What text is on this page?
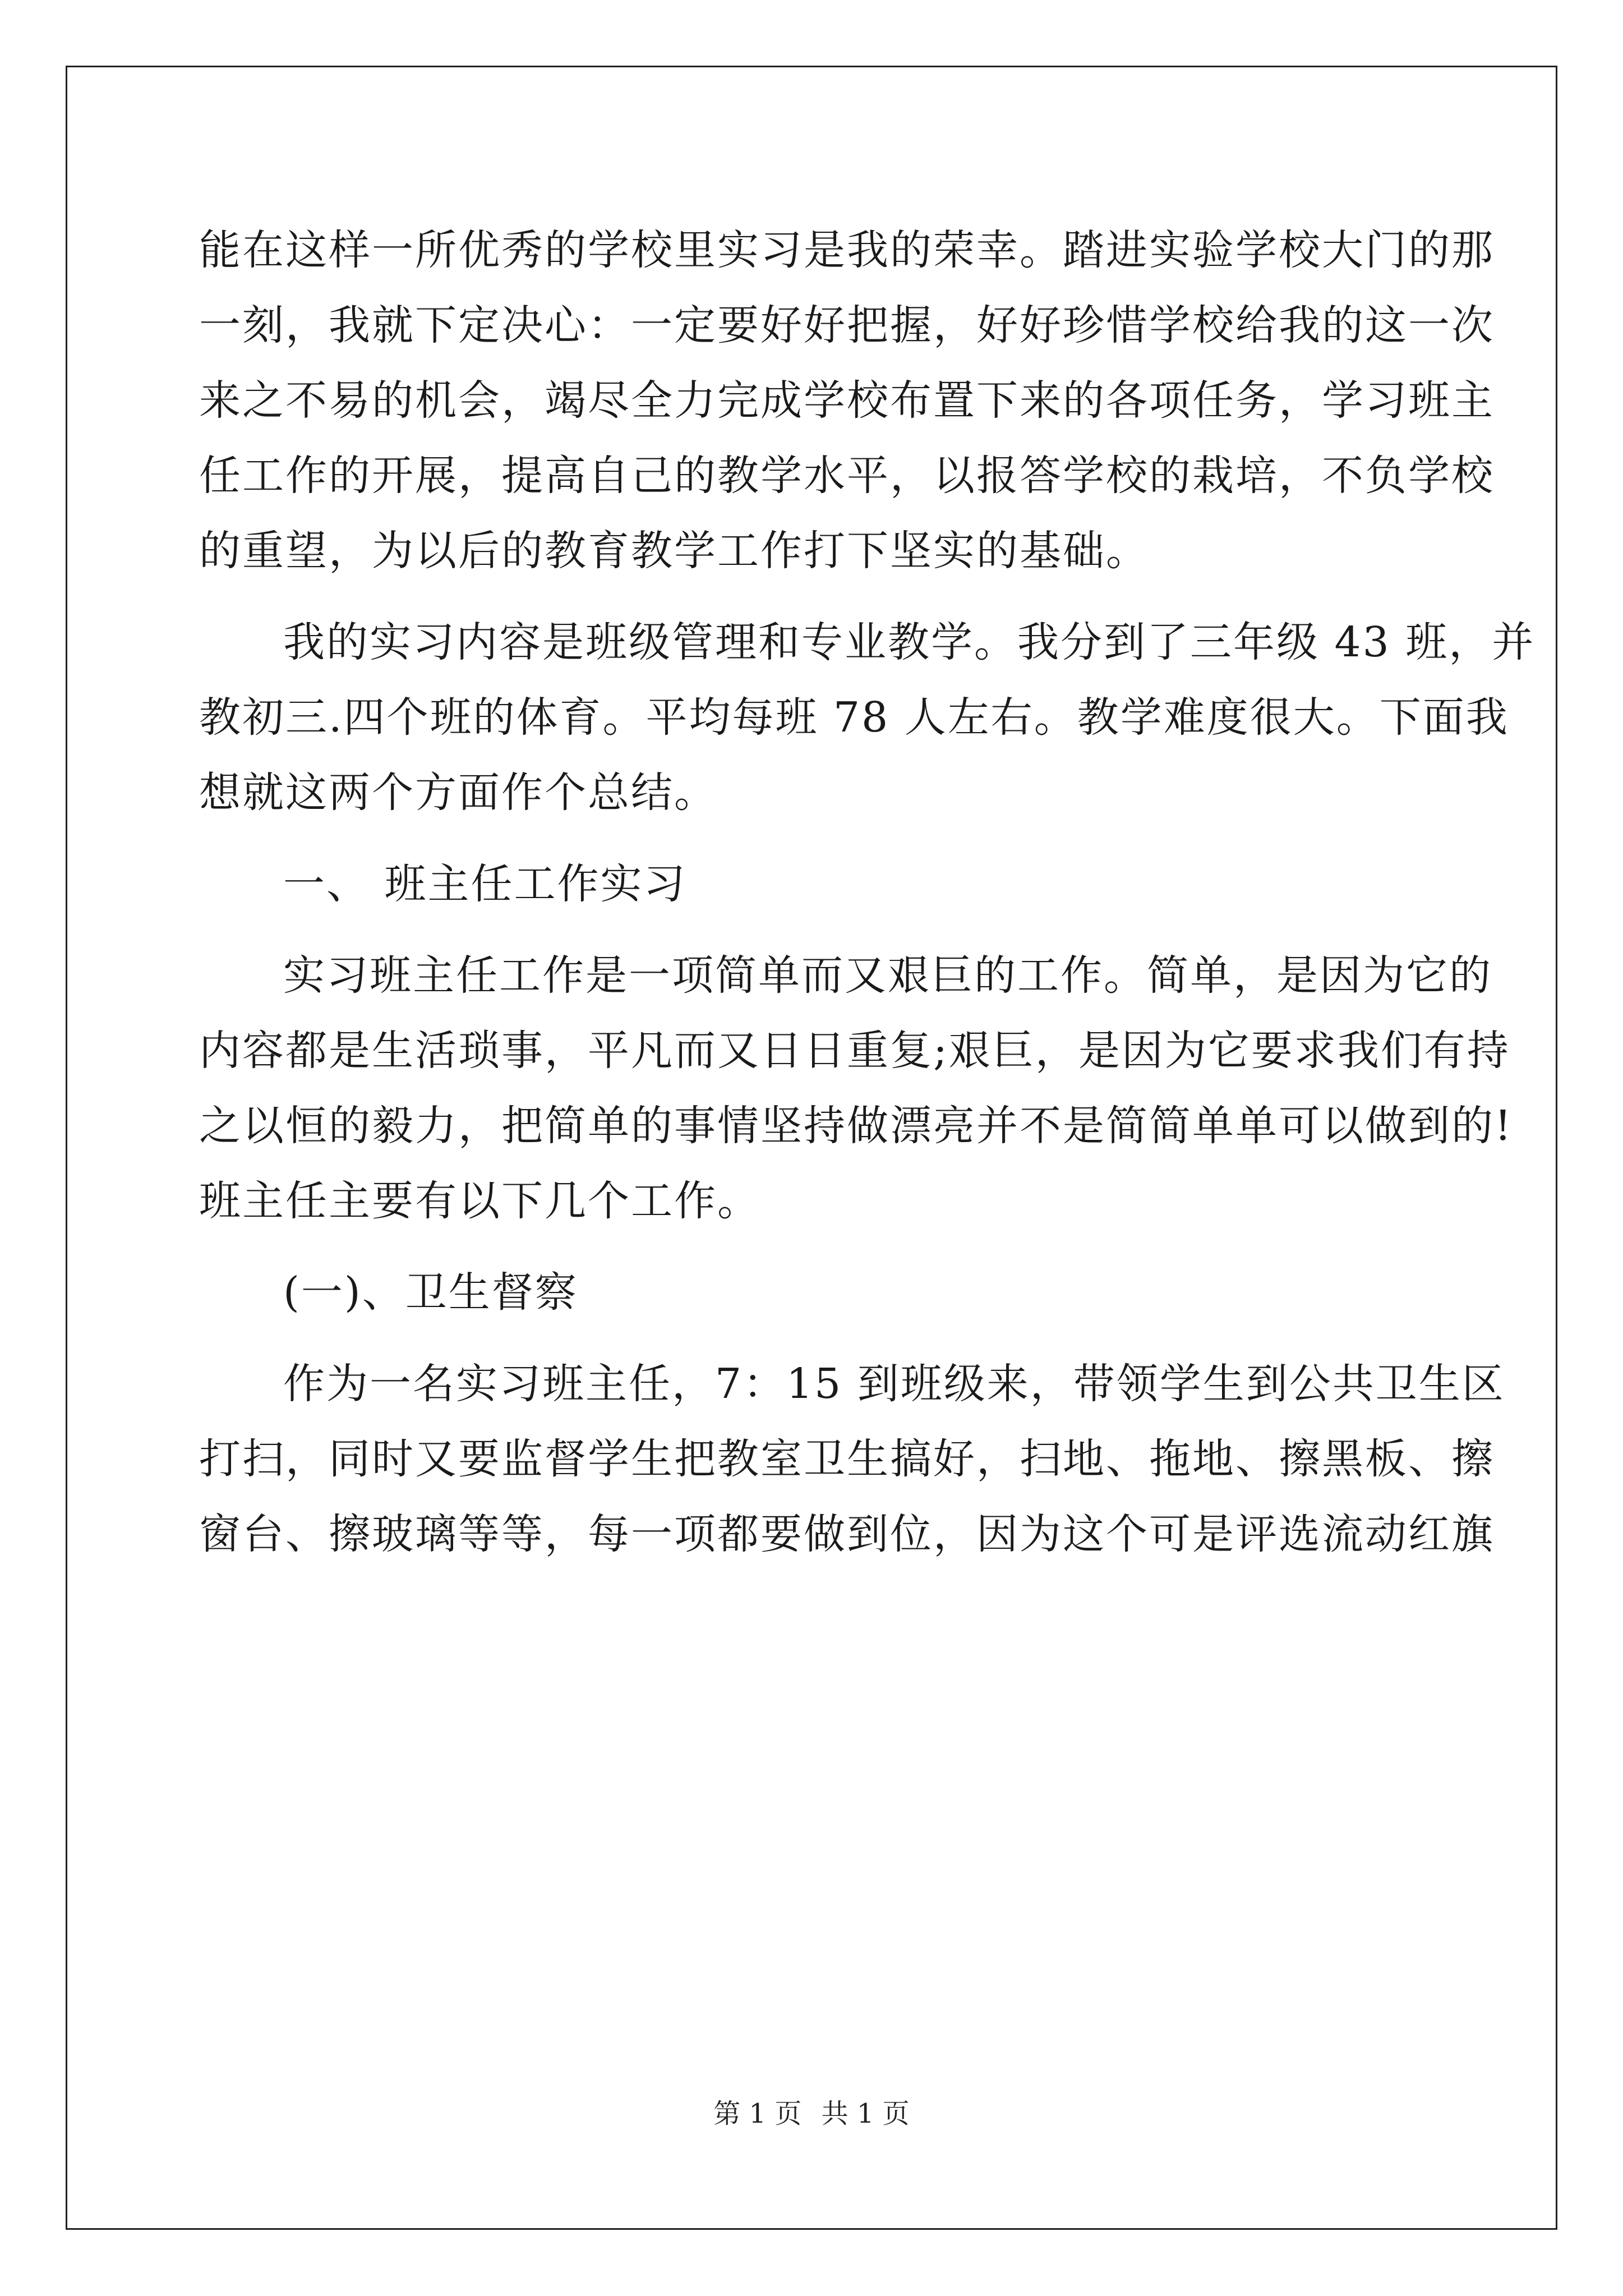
能在这样一所优秀的学校里实习是我的荣幸。踏进实验学校大门的那
一刻，我就下定决心：一定要好好把握，好好珍惜学校给我的这一次
来之不易的机会，竭尽全力完成学校布置下来的各项任务，学习班主
任工作的开展，提高自己的教学水平，以报答学校的栽培，不负学校
的重望，为以后的教育教学工作打下坚实的基础。
我的实习内容是班级管理和专业教学。我分到了三年级 43 班，并
教初三.四个班的体育。平均每班 78 人左右。教学难度很大。下面我
想就这两个方面作个总结。
一、 班主任工作实习
实习班主任工作是一项简单而又艰巨的工作。简单，是因为它的
内容都是生活琐事，平凡而又日日重复;艰巨，是因为它要求我们有持
之以恒的毅力，把简单的事情坚持做漂亮并不是简简单单可以做到的!
班主任主要有以下几个工作。
(一)、卫生督察
作为一名实习班主任，7：15 到班级来，带领学生到公共卫生区
打扫，同时又要监督学生把教室卫生搞好，扫地、拖地、擦黑板、擦
窗台、擦玻璃等等，每一项都要做到位，因为这个可是评选流动红旗
第 1 页 共 1 页
